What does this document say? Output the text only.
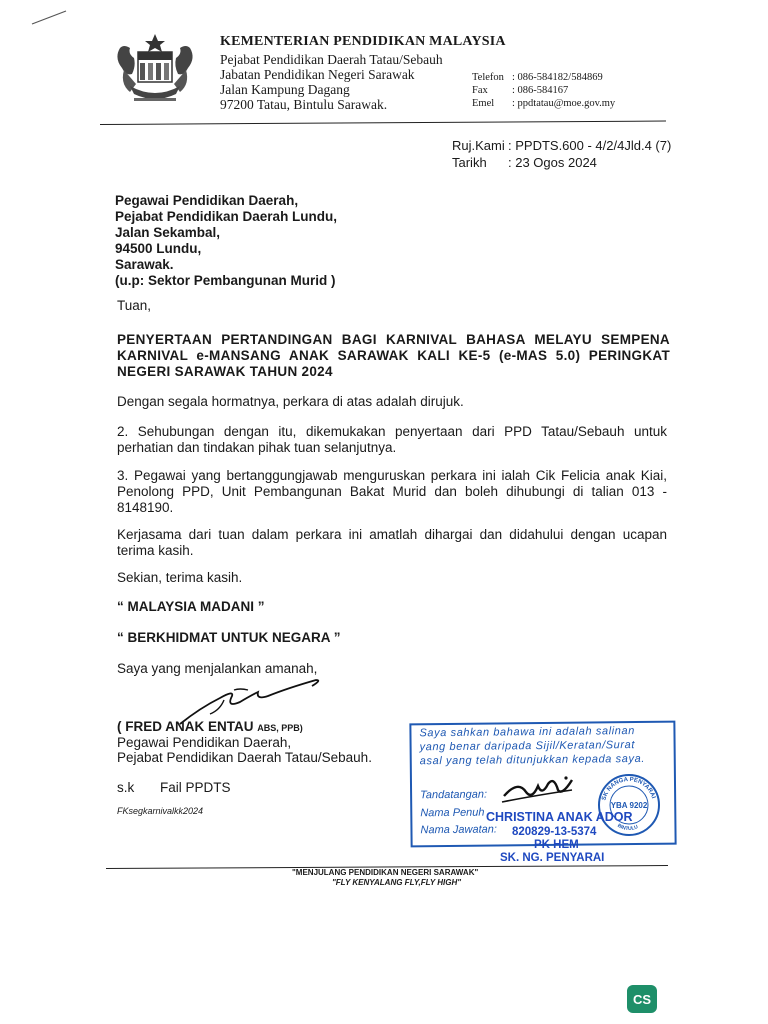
KEMENTERIAN PENDIDIKAN MALAYSIA
Pejabat Pendidikan Daerah Tatau/Sebauh
Jabatan Pendidikan Negeri Sarawak
Jalan Kampung Dagang
97200 Tatau, Bintulu Sarawak.
Telefon : 086-584182/584869
Fax : 086-584167
Emel : ppdtatau@moe.gov.my
Ruj.Kami : PPDTS.600 - 4/2/4Jld.4 (7)
Tarikh : 23 Ogos 2024
Pegawai Pendidikan Daerah,
Pejabat Pendidikan Daerah Lundu,
Jalan Sekambal,
94500 Lundu,
Sarawak.
(u.p: Sektor Pembangunan Murid )
Tuan,
PENYERTAAN PERTANDINGAN BAGI KARNIVAL BAHASA MELAYU SEMPENA KARNIVAL e-MANSANG ANAK SARAWAK KALI KE-5 (e-MAS 5.0) PERINGKAT NEGERI SARAWAK TAHUN 2024
Dengan segala hormatnya, perkara di atas adalah dirujuk.
2. Sehubungan dengan itu, dikemukakan penyertaan dari PPD Tatau/Sebauh untuk perhatian dan tindakan pihak tuan selanjutnya.
3. Pegawai yang bertanggungjawab menguruskan perkara ini ialah Cik Felicia anak Kiai, Penolong PPD, Unit Pembangunan Bakat Murid dan boleh dihubungi di talian 013 - 8148190.
Kerjasama dari tuan dalam perkara ini amatlah dihargai dan didahului dengan ucapan terima kasih.
Sekian, terima kasih.
“ MALAYSIA MADANI ”
“ BERKHIDMAT UNTUK NEGARA ”
Saya yang menjalankan amanah,
( FRED ANAK ENTAU ABS, PPB)
Pegawai Pendidikan Daerah,
Pejabat Pendidikan Daerah Tatau/Sebauh.
s.k Fail PPDTS
FKsegkarnivalkk2024
Saya sahkan bahawa ini adalah salinan
yang benar daripada Sijil/Keratan/Surat
asal yang telah ditunjukkan kepada saya.
Tandatangan:
Nama Penuh
Nama Jawatan:
SK NANGA PENYARAI
BINTULU
YBA 9202
CHRISTINA ANAK ADOR
820829-13-5374
PK HEM
SK. NG. PENYARAI
"MENJULANG PENDIDIKAN NEGERI SARAWAK"
"FLY KENYALANG FLY,FLY HIGH"
CS
